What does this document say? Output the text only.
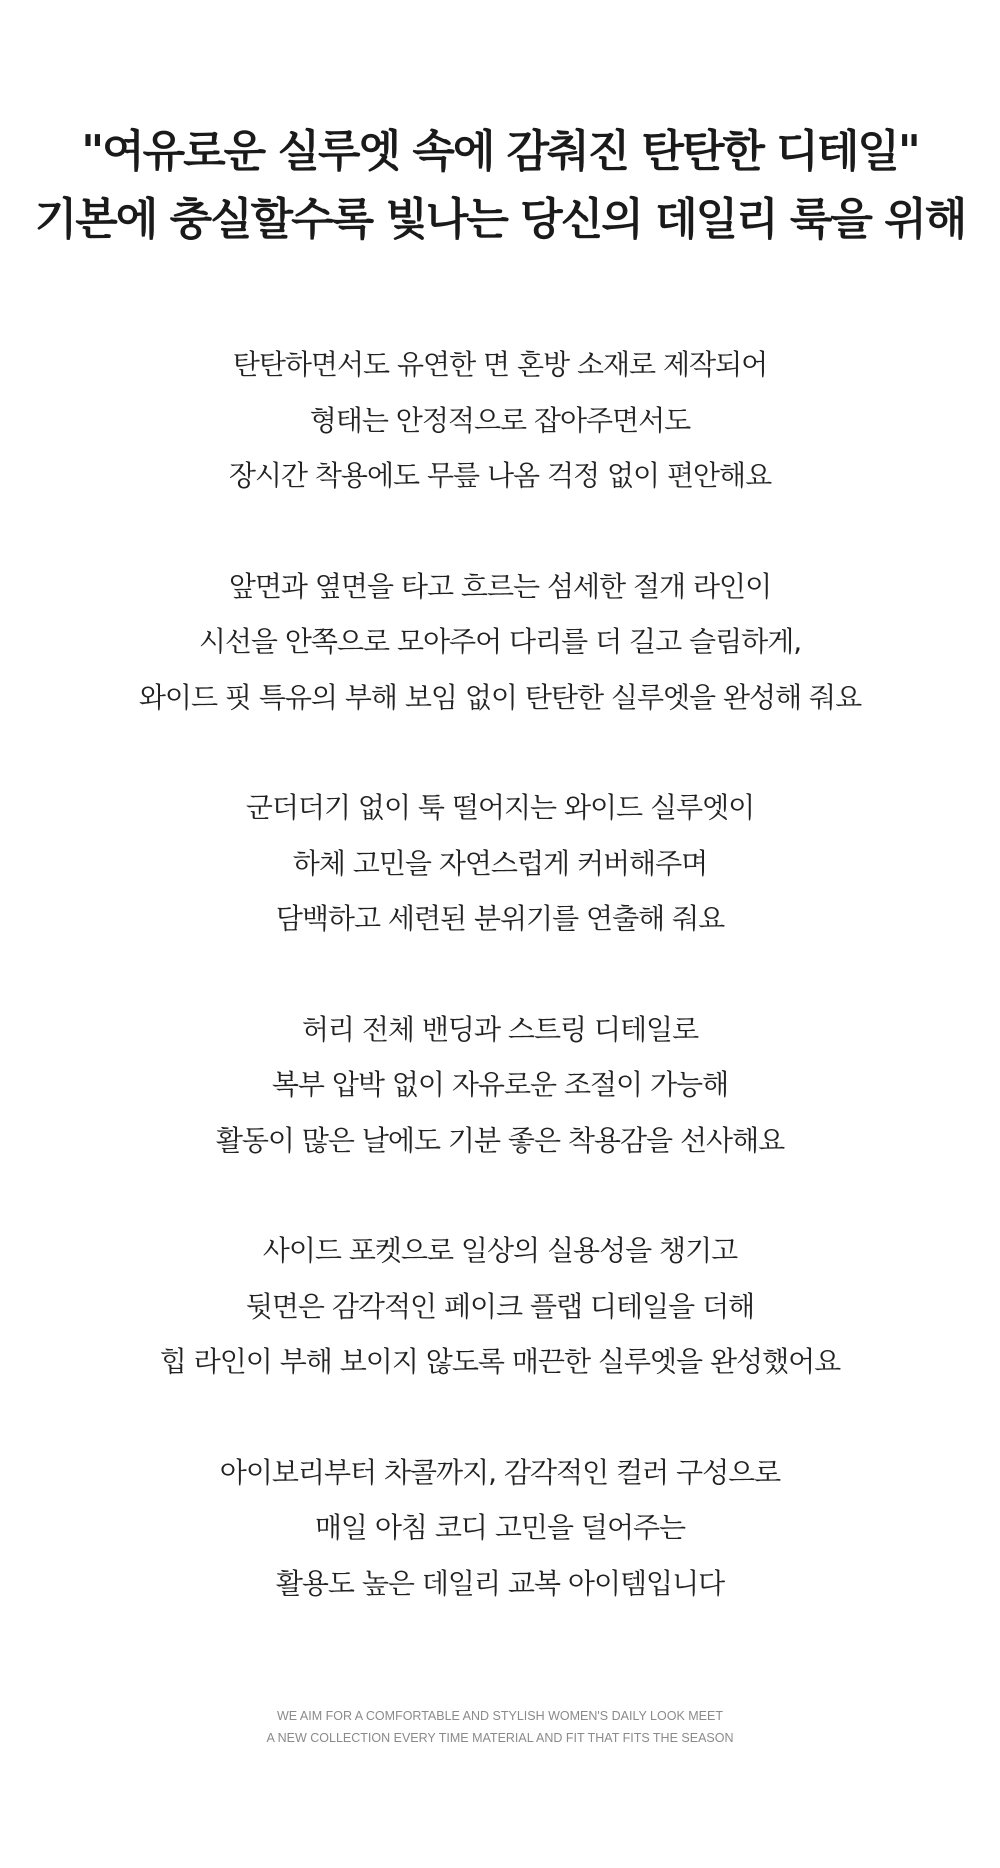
"여유로운 실루엣 속에 감춰진 탄탄한 디테일"
기본에 충실할수록 빛나는 당신의 데일리 룩을 위해
탄탄하면서도 유연한 면 혼방 소재로 제작되어
형태는 안정적으로 잡아주면서도
장시간 착용에도 무릎 나옴 걱정 없이 편안해요
앞면과 옆면을 타고 흐르는 섬세한 절개 라인이
시선을 안쪽으로 모아주어 다리를 더 길고 슬림하게,
와이드 핏 특유의 부해 보임 없이 탄탄한 실루엣을 완성해 줘요
군더더기 없이 툭 떨어지는 와이드 실루엣이
하체 고민을 자연스럽게 커버해주며
담백하고 세련된 분위기를 연출해 줘요
허리 전체 밴딩과 스트링 디테일로
복부 압박 없이 자유로운 조절이 가능해
활동이 많은 날에도 기분 좋은 착용감을 선사해요
사이드 포켓으로 일상의 실용성을 챙기고
뒷면은 감각적인 페이크 플랩 디테일을 더해
힙 라인이 부해 보이지 않도록 매끈한 실루엣을 완성했어요
아이보리부터 차콜까지, 감각적인 컬러 구성으로
매일 아침 코디 고민을 덜어주는
활용도 높은 데일리 교복 아이템입니다
WE AIM FOR A COMFORTABLE AND STYLISH WOMEN'S DAILY LOOK MEET
A NEW COLLECTION EVERY TIME MATERIAL AND FIT THAT FITS THE SEASON
